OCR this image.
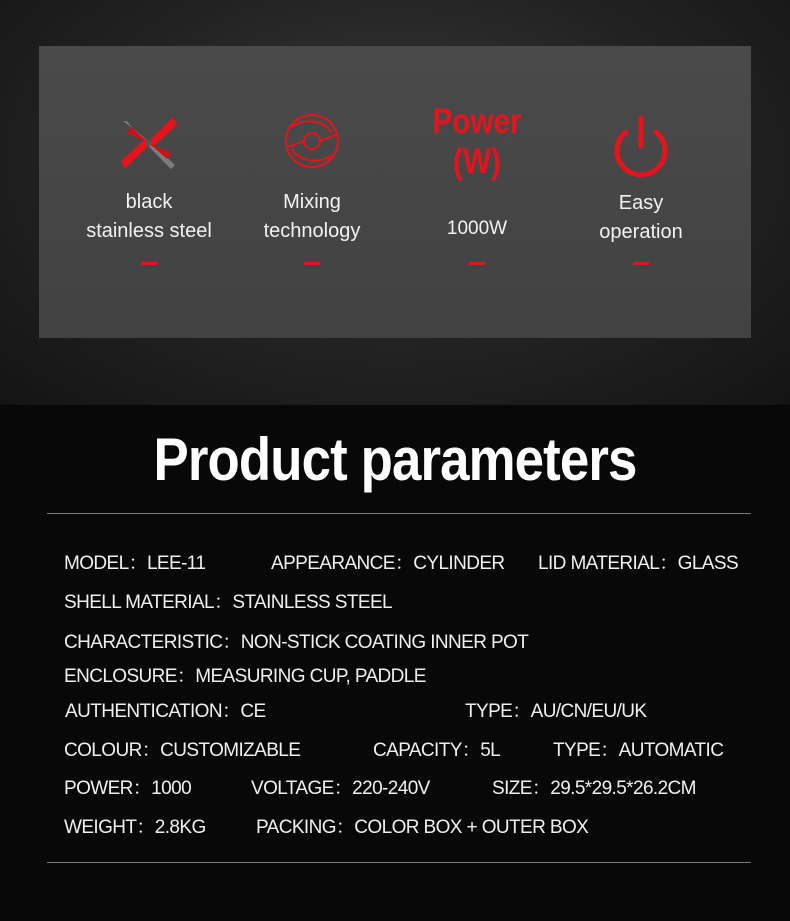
black
stainless steel
Mixing
technology
Power
(W)
1000W
Easy
operation
Product parameters
MODEL：LEE-11	APPEARANCE：CYLINDER LID MATERIAL：GLASS
SHELL MATERIAL：STAINLESS STEEL
CHARACTERISTIC：NON-STICK COATING INNER POT
ENCLOSURE：MEASURING CUP, PADDLE
AUTHENTICATION：CE	TYPE：AU/CN/EU/UK
COLOUR：CUSTOMIZABLE	CAPACITY：5L	TYPE：AUTOMATIC
POWER：1000	VOLTAGE：220-240V	SIZE：29.5*29.5*26.2CM
WEIGHT：2.8KG	PACKING：COLOR BOX + OUTER BOX
